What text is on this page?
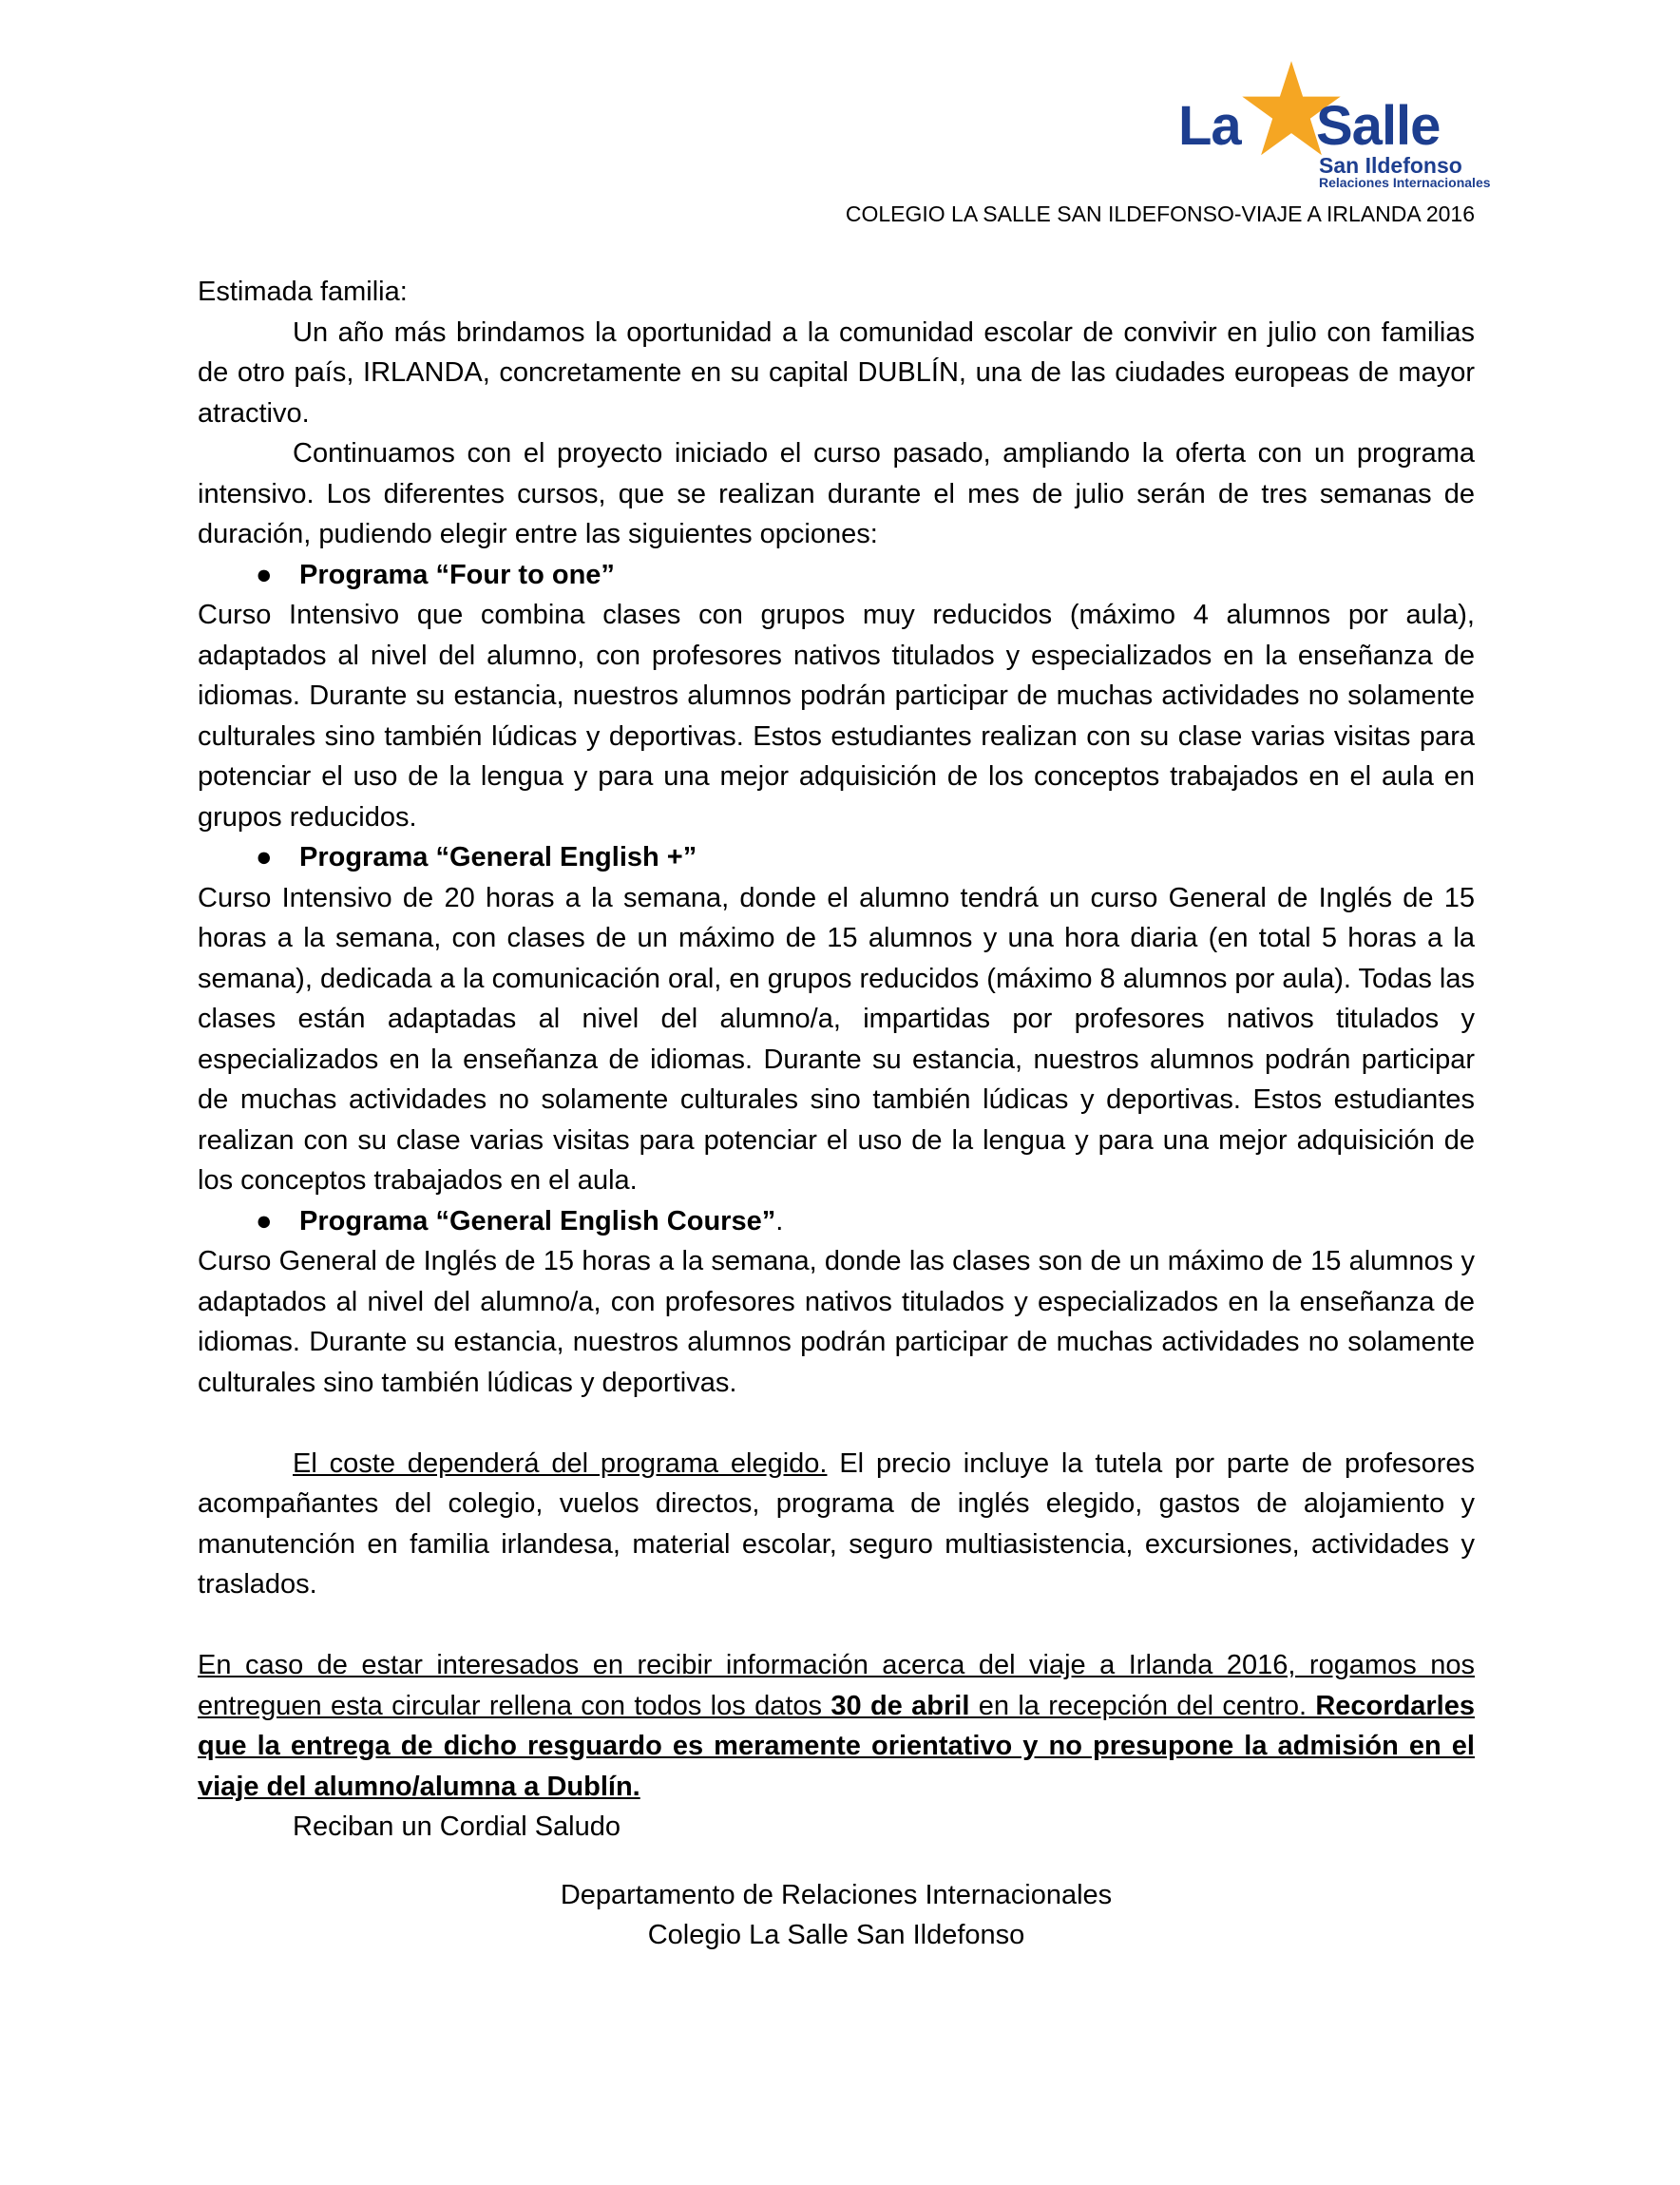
La Salle
San Ildefonso
Relaciones Internacionales
COLEGIO LA SALLE SAN ILDEFONSO-VIAJE A IRLANDA 2016

Estimada familia:

Un año más brindamos la oportunidad a la comunidad escolar de convivir en julio con familias de otro país, IRLANDA, concretamente en su capital DUBLÍN, una de las ciudades europeas de mayor atractivo.

Continuamos con el proyecto iniciado el curso pasado, ampliando la oferta con un programa intensivo. Los diferentes cursos, que se realizan durante el mes de julio serán de tres semanas de duración, pudiendo elegir entre las siguientes opciones:

● Programa “Four to one”

Curso Intensivo que combina clases con grupos muy reducidos (máximo 4 alumnos por aula), adaptados al nivel del alumno, con profesores nativos titulados y especializados en la enseñanza de idiomas. Durante su estancia, nuestros alumnos podrán participar de muchas actividades no solamente culturales sino también lúdicas y deportivas. Estos estudiantes realizan con su clase varias visitas para potenciar el uso de la lengua y para una mejor adquisición de los conceptos trabajados en el aula en grupos reducidos.

● Programa “General English +”

Curso Intensivo de 20 horas a la semana, donde el alumno tendrá un curso General de Inglés de 15 horas a la semana, con clases de un máximo de 15 alumnos y una hora diaria (en total 5 horas a la semana), dedicada a la comunicación oral, en grupos reducidos (máximo 8 alumnos por aula). Todas las clases están adaptadas al nivel del alumno/a, impartidas por profesores nativos titulados y especializados en la enseñanza de idiomas. Durante su estancia, nuestros alumnos podrán participar de muchas actividades no solamente culturales sino también lúdicas y deportivas. Estos estudiantes realizan con su clase varias visitas para potenciar el uso de la lengua y para una mejor adquisición de los conceptos trabajados en el aula.

● Programa “General English Course”.

Curso General de Inglés de 15 horas a la semana, donde las clases son de un máximo de 15 alumnos y adaptados al nivel del alumno/a, con profesores nativos titulados y especializados en la enseñanza de idiomas. Durante su estancia, nuestros alumnos podrán participar de muchas actividades no solamente culturales sino también lúdicas y deportivas.

El coste dependerá del programa elegido. El precio incluye la tutela por parte de profesores acompañantes del colegio, vuelos directos, programa de inglés elegido, gastos de alojamiento y manutención en familia irlandesa, material escolar, seguro multiasistencia, excursiones, actividades y traslados.

En caso de estar interesados en recibir información acerca del viaje a Irlanda 2016, rogamos nos entreguen esta circular rellena con todos los datos 30 de abril en la recepción del centro. Recordarles que la entrega de dicho resguardo es meramente orientativo y no presupone la admisión en el viaje del alumno/alumna a Dublín.

Reciban un Cordial Saludo

Departamento de Relaciones Internacionales

Colegio La Salle San Ildefonso
